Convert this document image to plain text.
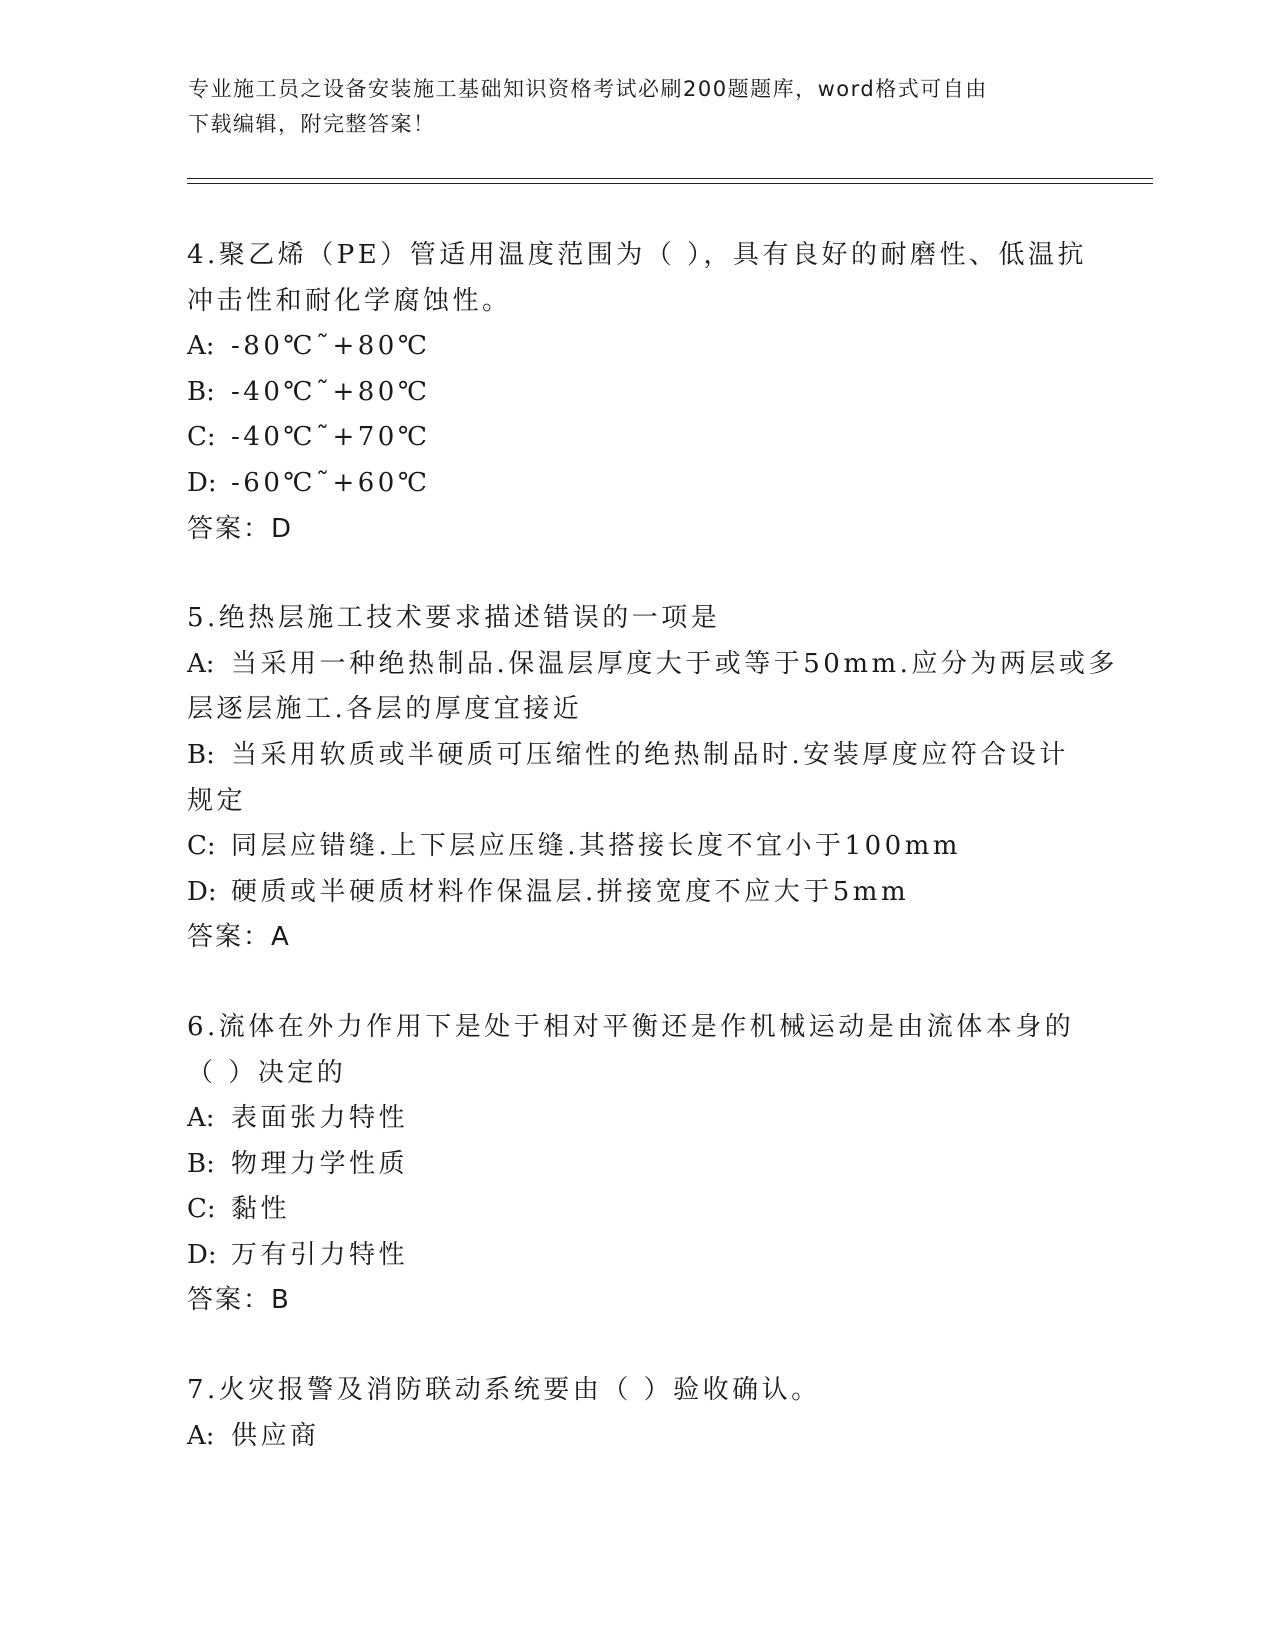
专业施工员之设备安装施工基础知识资格考试必刷200题题库，word格式可自由
下载编辑，附完整答案！
4.聚乙烯（PE）管适用温度范围为（ ），具有良好的耐磨性、低温抗
冲击性和耐化学腐蚀性。
A: -80℃˜+80℃
B: -40℃˜+80℃
C: -40℃˜+70℃
D: -60℃˜+60℃
答案：D
5.绝热层施工技术要求描述错误的一项是
A: 当采用一种绝热制品.保温层厚度大于或等于50mm.应分为两层或多
层逐层施工.各层的厚度宜接近
B: 当采用软质或半硬质可压缩性的绝热制品时.安装厚度应符合设计
规定
C: 同层应错缝.上下层应压缝.其搭接长度不宜小于100mm
D: 硬质或半硬质材料作保温层.拼接宽度不应大于5mm
答案：A
6.流体在外力作用下是处于相对平衡还是作机械运动是由流体本身的
（ ）决定的
A: 表面张力特性
B: 物理力学性质
C: 黏性
D: 万有引力特性
答案：B
7.火灾报警及消防联动系统要由（ ）验收确认。
A: 供应商
